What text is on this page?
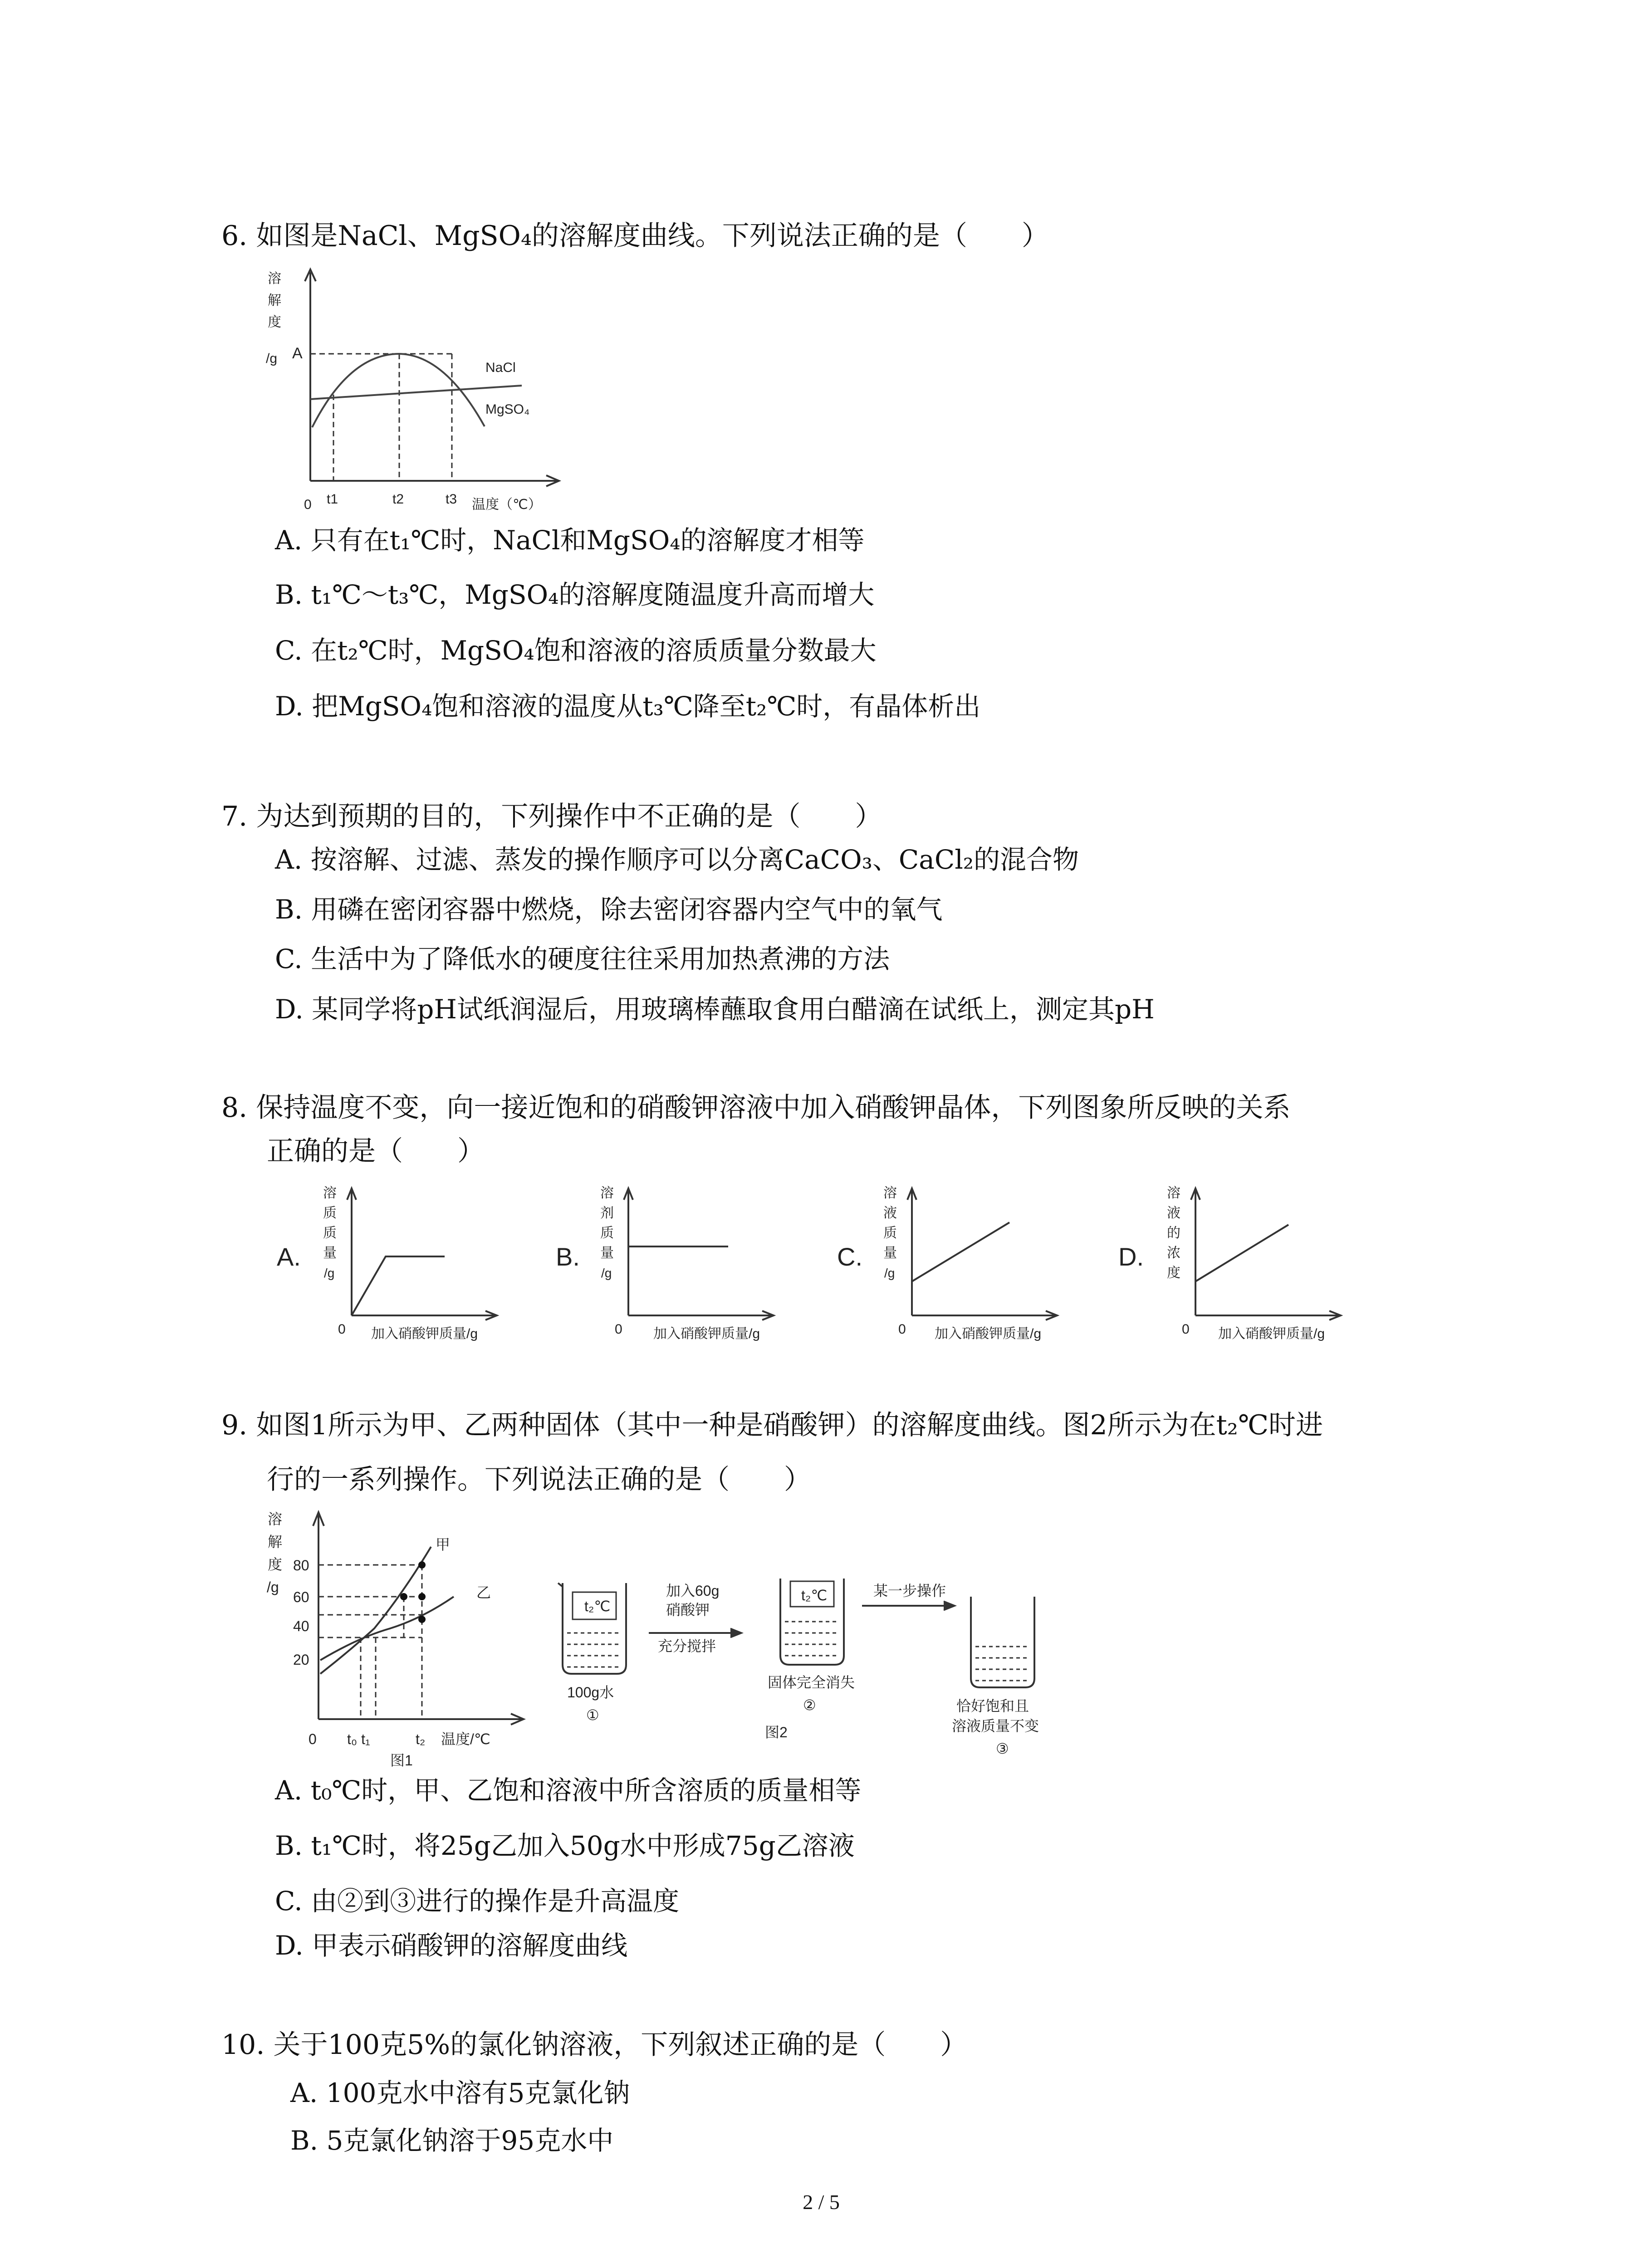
6. 如图是NaCl、MgSO₄的溶解度曲线。下列说法正确的是（　　）
溶
解
度
/g A
0 t1	t2	t3 温度（℃）
NaCl
MgSO₄
A. 只有在t₁℃时，NaCl和MgSO₄的溶解度才相等
B. t₁℃～t₃℃，MgSO₄的溶解度随温度升高而增大
C. 在t₂℃时，MgSO₄饱和溶液的溶质质量分数最大
D. 把MgSO₄饱和溶液的温度从t₃℃降至t₂℃时，有晶体析出
7. 为达到预期的目的，下列操作中不正确的是（　　）
A. 按溶解、过滤、蒸发的操作顺序可以分离CaCO₃、CaCl₂的混合物
B. 用磷在密闭容器中燃烧，除去密闭容器内空气中的氧气
C. 生活中为了降低水的硬度往往采用加热煮沸的方法
D. 某同学将pH试纸润湿后，用玻璃棒蘸取食用白醋滴在试纸上，测定其pH
8. 保持温度不变，向一接近饱和的硝酸钾溶液中加入硝酸钾晶体，下列图象所反映的关系
正确的是（　　）
A.
溶
质
质
量
/g
0 加入硝酸钾质量/g
B.
溶
剂
质
量
/g
0 加入硝酸钾质量/g
C.
溶
液
质
量
/g
0 加入硝酸钾质量/g
D.
溶
液
的
浓
度
0 加入硝酸钾质量/g
9. 如图1所示为甲、乙两种固体（其中一种是硝酸钾）的溶解度曲线。图2所示为在t₂℃时进
行的一系列操作。下列说法正确的是（　　）
溶
解
度
/g
80
60
40
20
0 t₀ t₁	t₂ 温度/℃
甲
乙
图1
t₂℃
100g水
①
加入60g
硝酸钾
充分搅拌
t₂℃
固体完全消失
②
图2
某一步操作
恰好饱和且
溶液质量不变
③
A. t₀℃时，甲、乙饱和溶液中所含溶质的质量相等
B. t₁℃时，将25g乙加入50g水中形成75g乙溶液
C. 由②到③进行的操作是升高温度
D. 甲表示硝酸钾的溶解度曲线
10. 关于100克5%的氯化钠溶液，下列叙述正确的是（　　）
A. 100克水中溶有5克氯化钠
B. 5克氯化钠溶于95克水中
2 / 5
